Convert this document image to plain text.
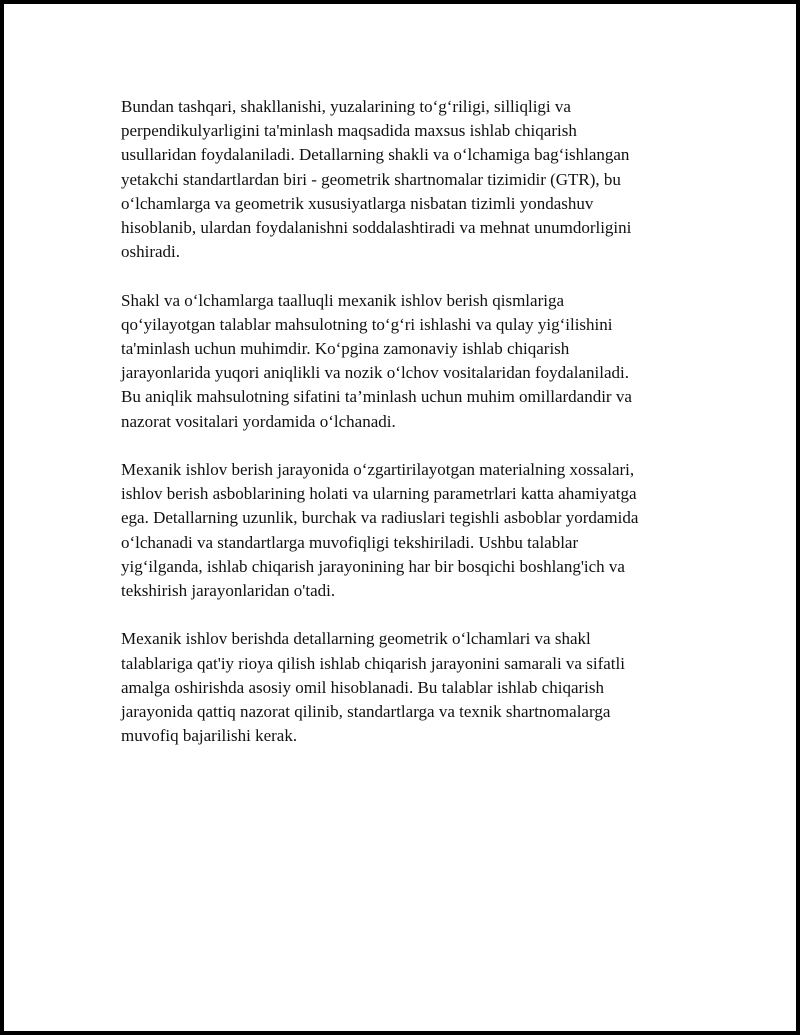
Bundan tashqari, shakllanishi, yuzalarining to‘g‘riligi, silliqligi va
perpendikulyarligini ta'minlash maqsadida maxsus ishlab chiqarish
usullaridan foydalaniladi. Detallarning shakli va o‘lchamiga bag‘ishlangan
yetakchi standartlardan biri - geometrik shartnomalar tizimidir (GTR), bu
o‘lchamlarga va geometrik xususiyatlarga nisbatan tizimli yondashuv
hisoblanib, ulardan foydalanishni soddalashtiradi va mehnat unumdorligini
oshiradi.

Shakl va o‘lchamlarga taalluqli mexanik ishlov berish qismlariga
qo‘yilayotgan talablar mahsulotning to‘g‘ri ishlashi va qulay yig‘ilishini
ta'minlash uchun muhimdir. Ko‘pgina zamonaviy ishlab chiqarish
jarayonlarida yuqori aniqlikli va nozik o‘lchov vositalaridan foydalaniladi.
Bu aniqlik mahsulotning sifatini ta’minlash uchun muhim omillardandir va
nazorat vositalari yordamida o‘lchanadi.

Mexanik ishlov berish jarayonida o‘zgartirilayotgan materialning xossalari,
ishlov berish asboblarining holati va ularning parametrlari katta ahamiyatga
ega. Detallarning uzunlik, burchak va radiuslari tegishli asboblar yordamida
o‘lchanadi va standartlarga muvofiqligi tekshiriladi. Ushbu talablar
yig‘ilganda, ishlab chiqarish jarayonining har bir bosqichi boshlang'ich va
tekshirish jarayonlaridan o'tadi.

Mexanik ishlov berishda detallarning geometrik o‘lchamlari va shakl
talablariga qat'iy rioya qilish ishlab chiqarish jarayonini samarali va sifatli
amalga oshirishda asosiy omil hisoblanadi. Bu talablar ishlab chiqarish
jarayonida qattiq nazorat qilinib, standartlarga va texnik shartnomalarga
muvofiq bajarilishi kerak.
